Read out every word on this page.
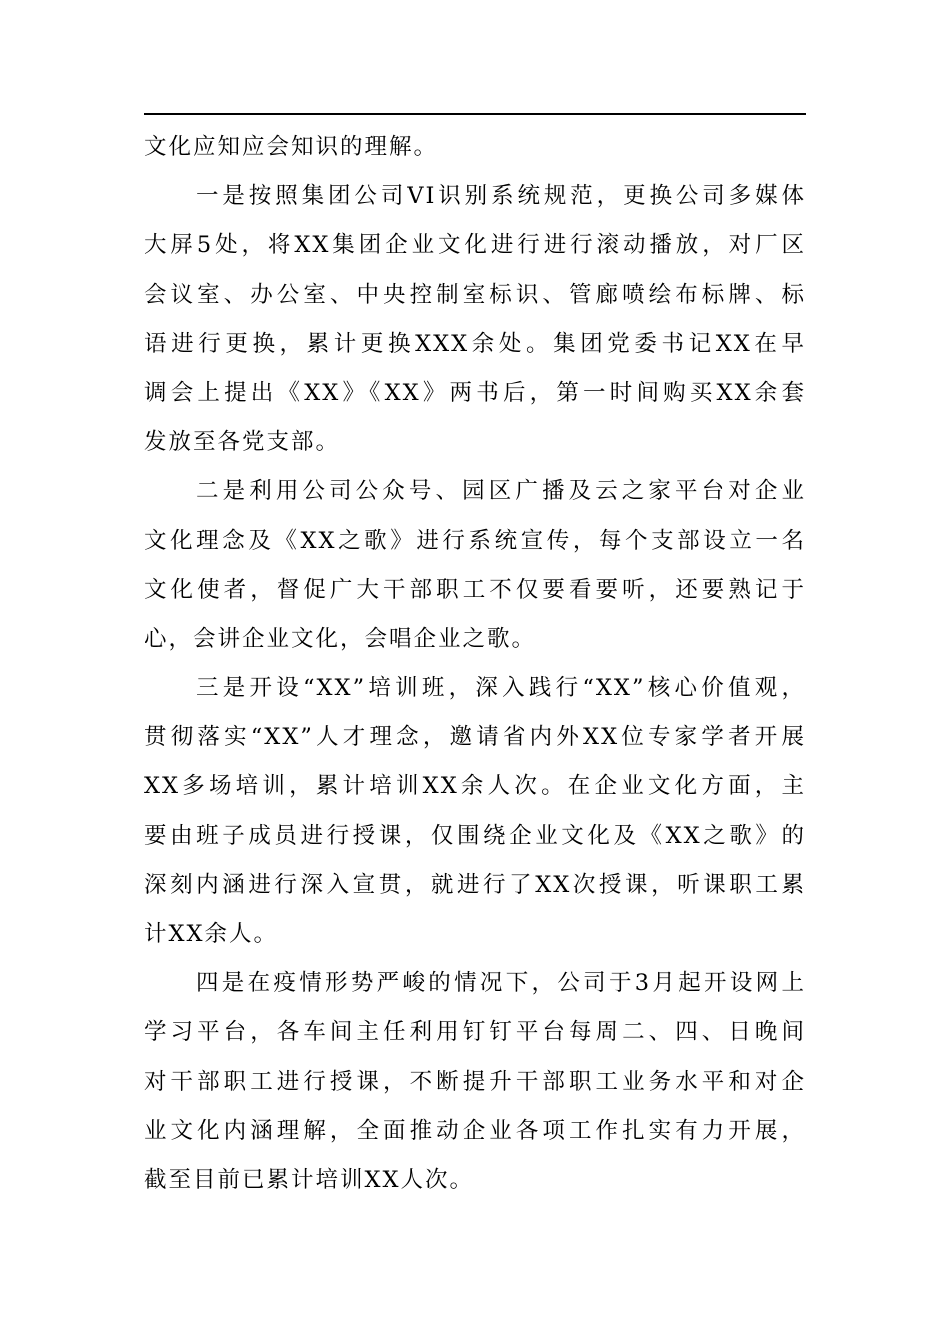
文化应知应会知识的理解。
一是按照集团公司VI识别系统规范，更换公司多媒体
大屏5处，将XX集团企业文化进行进行滚动播放，对厂区
会议室、办公室、中央控制室标识、管廊喷绘布标牌、标
语进行更换，累计更换XXX余处。集团党委书记XX在早
调会上提出《XX》《XX》两书后，第一时间购买XX余套
发放至各党支部。
二是利用公司公众号、园区广播及云之家平台对企业
文化理念及《XX之歌》进行系统宣传，每个支部设立一名
文化使者，督促广大干部职工不仅要看要听，还要熟记于
心，会讲企业文化，会唱企业之歌。
三是开设“XX”培训班，深入践行“XX”核心价值观，
贯彻落实“XX”人才理念，邀请省内外XX位专家学者开展
XX多场培训，累计培训XX余人次。在企业文化方面，主
要由班子成员进行授课，仅围绕企业文化及《XX之歌》的
深刻内涵进行深入宣贯，就进行了XX次授课，听课职工累
计XX余人。
四是在疫情形势严峻的情况下，公司于3月起开设网上
学习平台，各车间主任利用钉钉平台每周二、四、日晚间
对干部职工进行授课，不断提升干部职工业务水平和对企
业文化内涵理解，全面推动企业各项工作扎实有力开展，
截至目前已累计培训XX人次。
